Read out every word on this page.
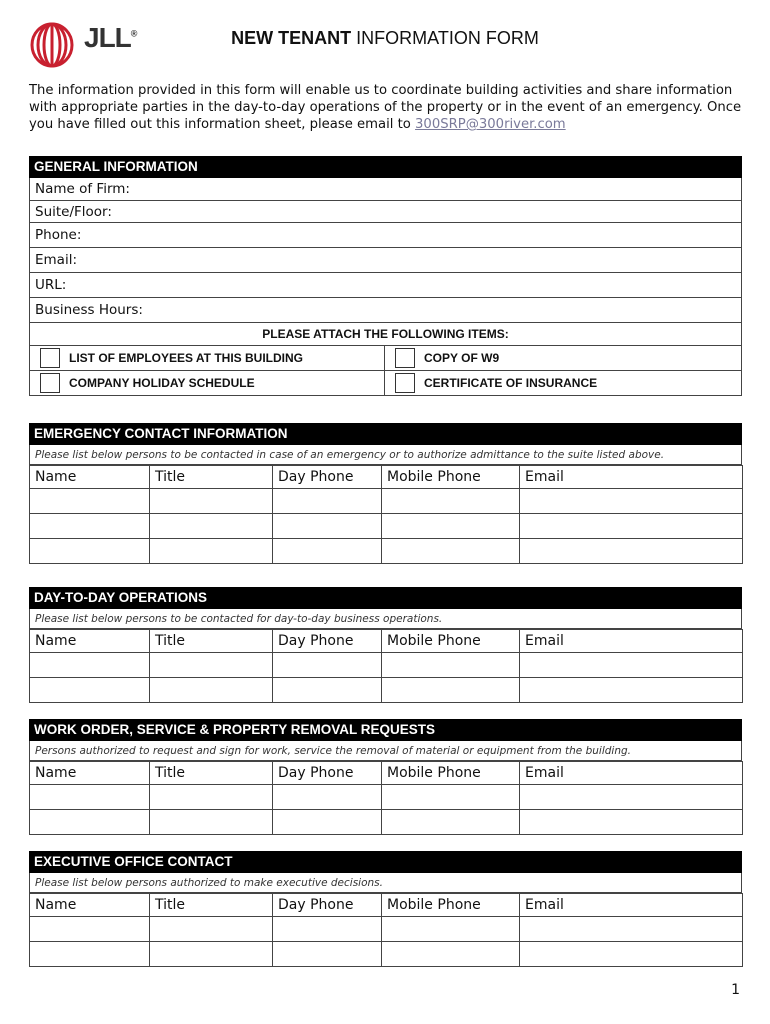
JLL®	NEW TENANT INFORMATION FORM
The information provided in this form will enable us to coordinate building activities and share information with appropriate parties in the day-to-day operations of the property or in the event of an emergency. Once you have filled out this information sheet, please email to 300SRP@300river.com
GENERAL INFORMATION
Name of Firm:
Suite/Floor:
Phone:
Email:
URL:
Business Hours:
PLEASE ATTACH THE FOLLOWING ITEMS:
LIST OF EMPLOYEES AT THIS BUILDING	COPY OF W9
COMPANY HOLIDAY SCHEDULE	CERTIFICATE OF INSURANCE
EMERGENCY CONTACT INFORMATION
Please list below persons to be contacted in case of an emergency or to authorize admittance to the suite listed above.
Name	Title	Day Phone	Mobile Phone	Email

DAY-TO-DAY OPERATIONS
Please list below persons to be contacted for day-to-day business operations.
Name	Title	Day Phone	Mobile Phone	Email

WORK ORDER, SERVICE & PROPERTY REMOVAL REQUESTS
Persons authorized to request and sign for work, service the removal of material or equipment from the building.
Name	Title	Day Phone	Mobile Phone	Email

EXECUTIVE OFFICE CONTACT
Please list below persons authorized to make executive decisions.
Name	Title	Day Phone	Mobile Phone	Email

1
